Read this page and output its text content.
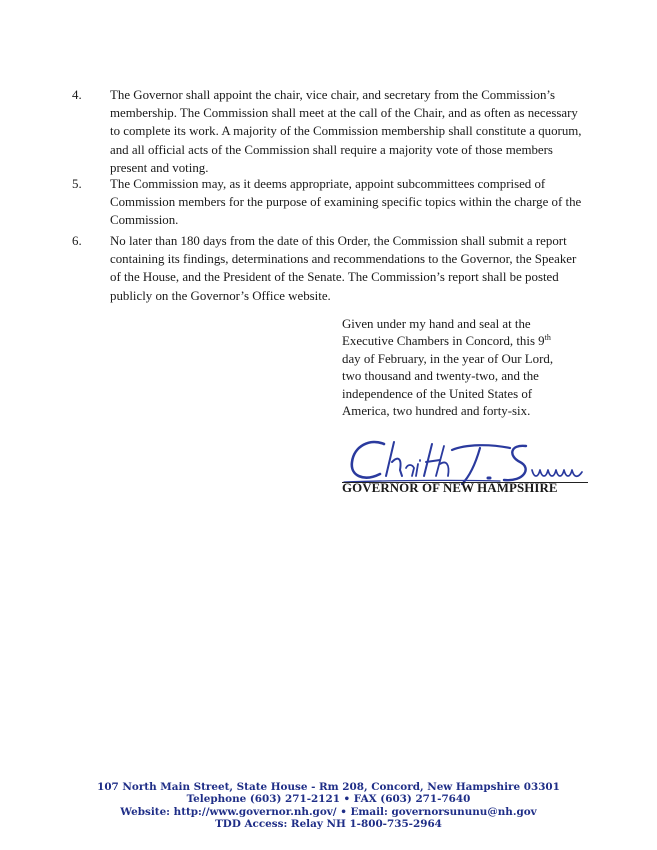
4.	The Governor shall appoint the chair, vice chair, and secretary from the Commission’s membership. The Commission shall meet at the call of the Chair, and as often as necessary to complete its work. A majority of the Commission membership shall constitute a quorum, and all official acts of the Commission shall require a majority vote of those members present and voting.
5.	The Commission may, as it deems appropriate, appoint subcommittees comprised of Commission members for the purpose of examining specific topics within the charge of the Commission.
6.	No later than 180 days from the date of this Order, the Commission shall submit a report containing its findings, determinations and recommendations to the Governor, the Speaker of the House, and the President of the Senate. The Commission’s report shall be posted publicly on the Governor’s Office website.
Given under my hand and seal at the
Executive Chambers in Concord, this 9th
day of February, in the year of Our Lord,
two thousand and twenty-two, and the
independence of the United States of
America, two hundred and forty-six.
GOVERNOR OF NEW HAMPSHIRE
107 North Main Street, State House - Rm 208, Concord, New Hampshire 03301
Telephone (603) 271-2121 • FAX (603) 271-7640
Website: http://www.governor.nh.gov/ • Email: governorsununu@nh.gov
TDD Access: Relay NH 1-800-735-2964
